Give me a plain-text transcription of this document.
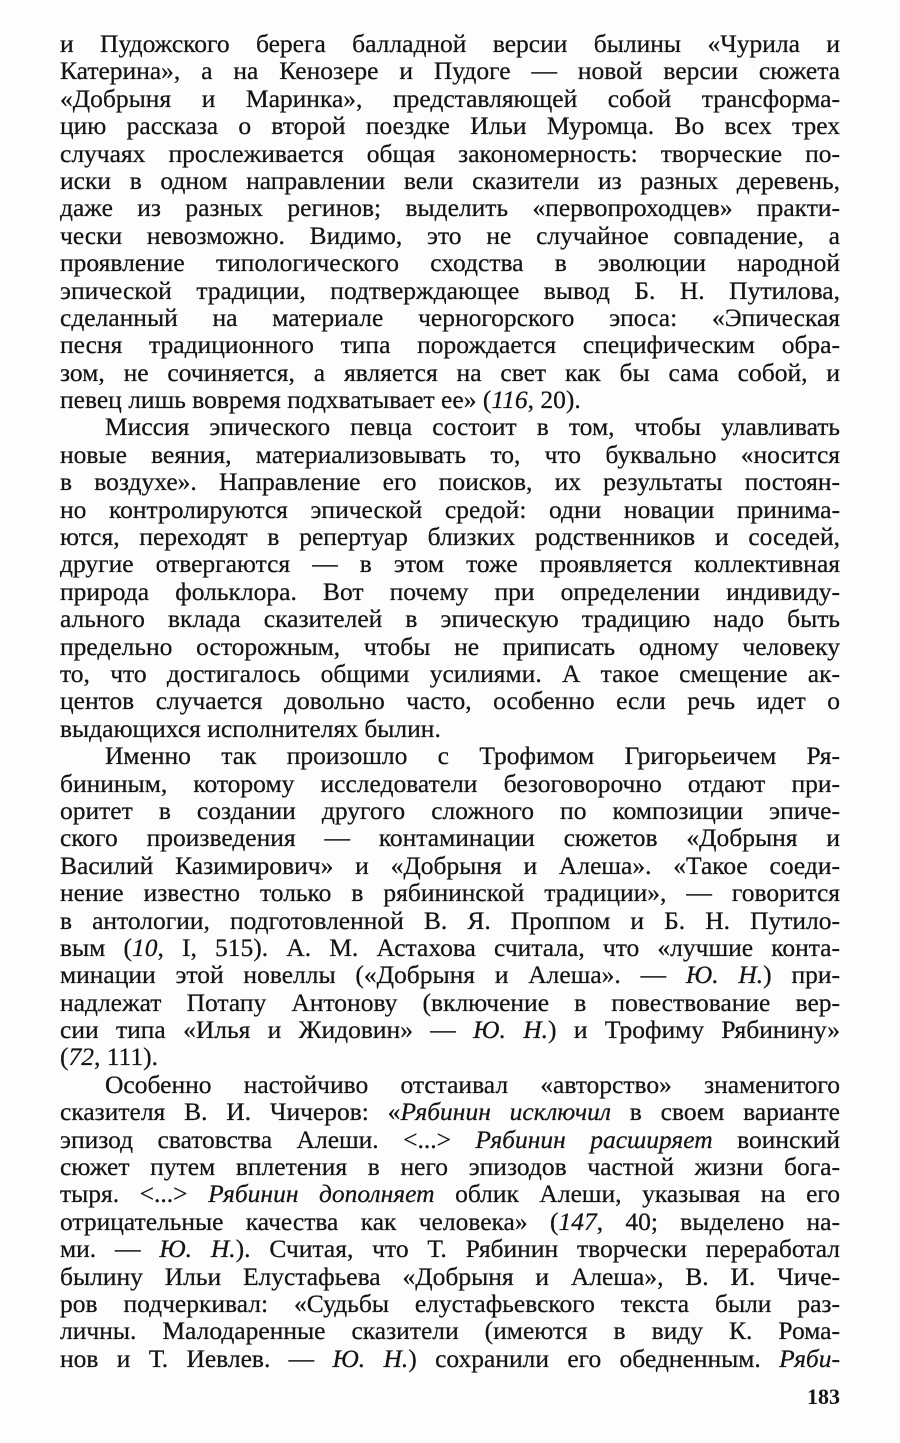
и Пудожского берега балладной версии былины «Чурила и
Катерина», а на Кенозере и Пудоге — новой версии сюжета
«Добрыня и Маринка», представляющей собой трансформа-
цию рассказа о второй поездке Ильи Муромца. Во всех трех
случаях прослеживается общая закономерность: творческие по-
иски в одном направлении вели сказители из разных деревень,
даже из разных регинов; выделить «первопроходцев» практи-
чески невозможно. Видимо, это не случайное совпадение, а
проявление типологического сходства в эволюции народной
эпической традиции, подтверждающее вывод Б. Н. Путилова,
сделанный на материале черногорского эпоса: «Эпическая
песня традиционного типа порождается специфическим обра-
зом, не сочиняется, а является на свет как бы сама собой, и
певец лишь вовремя подхватывает ее» (116, 20).
Миссия эпического певца состоит в том, чтобы улавливать
новые веяния, материализовывать то, что буквально «носится
в воздухе». Направление его поисков, их результаты постоян-
но контролируются эпической средой: одни новации принима-
ются, переходят в репертуар близких родственников и соседей,
другие отвергаются — в этом тоже проявляется коллективная
природа фольклора. Вот почему при определении индивиду-
ального вклада сказителей в эпическую традицию надо быть
предельно осторожным, чтобы не приписать одному человеку
то, что достигалось общими усилиями. А такое смещение ак-
центов случается довольно часто, особенно если речь идет о
выдающихся исполнителях былин.
Именно так произошло с Трофимом Григорьеичем Ря-
бининым, которому исследователи безоговорочно отдают при-
оритет в создании другого сложного по композиции эпиче-
ского произведения — контаминации сюжетов «Добрыня и
Василий Казимирович» и «Добрыня и Алеша». «Такое соеди-
нение известно только в рябининской традиции», — говорится
в антологии, подготовленной В. Я. Проппом и Б. Н. Путило-
вым (10, I, 515). А. М. Астахова считала, что «лучшие конта-
минации этой новеллы («Добрыня и Алеша». — Ю. Н.) при-
надлежат Потапу Антонову (включение в повествование вер-
сии типа «Илья и Жидовин» — Ю. Н.) и Трофиму Рябинину»
(72, 111).
Особенно настойчиво отстаивал «авторство» знаменитого
сказителя В. И. Чичеров: «Рябинин исключил в своем варианте
эпизод сватовства Алеши. <...> Рябинин расширяет воинский
сюжет путем вплетения в него эпизодов частной жизни бога-
тыря. <...> Рябинин дополняет облик Алеши, указывая на его
отрицательные качества как человека» (147, 40; выделено на-
ми. — Ю. Н.). Считая, что Т. Рябинин творчески переработал
былину Ильи Елустафьева «Добрыня и Алеша», В. И. Чиче-
ров подчеркивал: «Судьбы елустафьевского текста были раз-
личны. Малодаренные сказители (имеются в виду К. Рома-
нов и Т. Иевлев. — Ю. Н.) сохранили его обедненным. Ряби-
183
